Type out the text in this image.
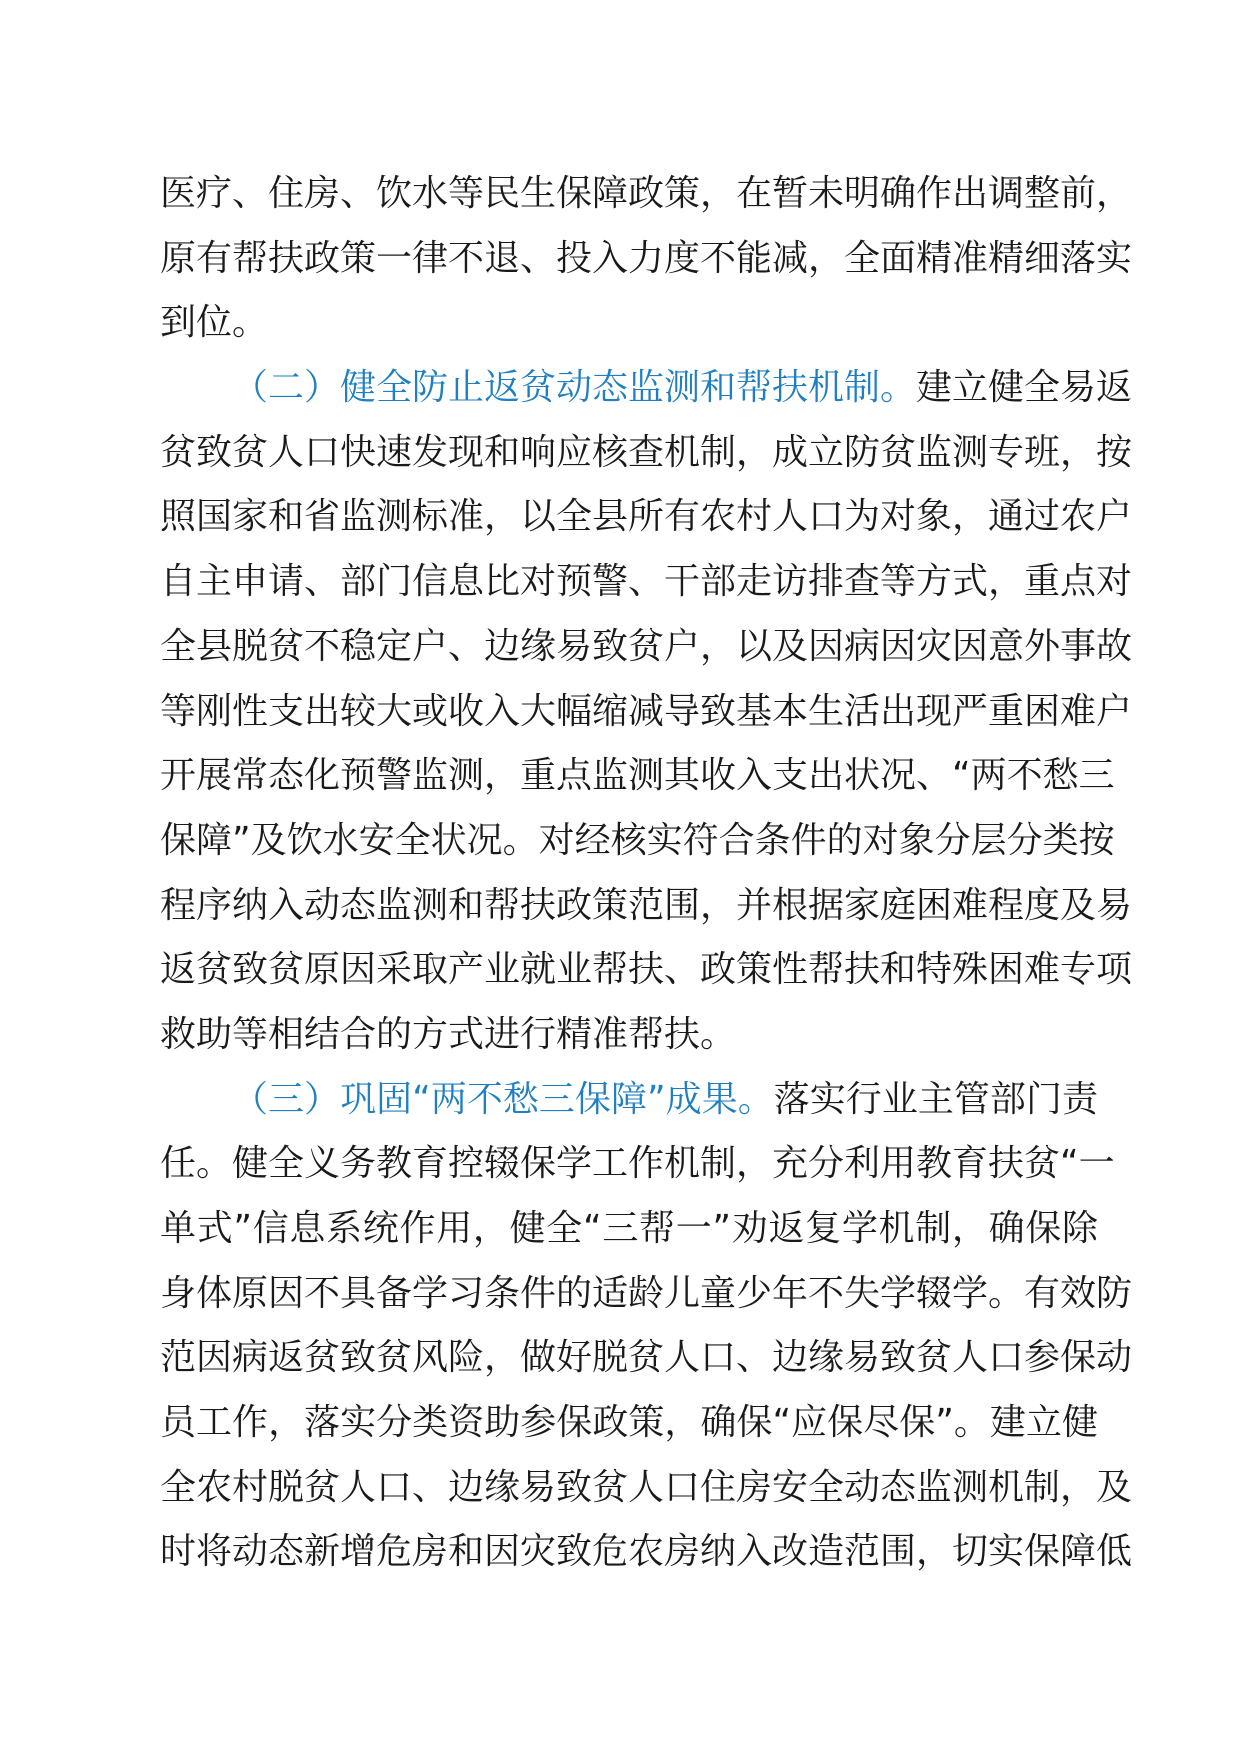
医疗、住房、饮水等民生保障政策，在暂未明确作出调整前，
原有帮扶政策一律不退、投入力度不能减，全面精准精细落实
到位。
（二）健全防止返贫动态监测和帮扶机制。建立健全易返
贫致贫人口快速发现和响应核查机制，成立防贫监测专班，按
照国家和省监测标准，以全县所有农村人口为对象，通过农户
自主申请、部门信息比对预警、干部走访排查等方式，重点对
全县脱贫不稳定户、边缘易致贫户，以及因病因灾因意外事故
等刚性支出较大或收入大幅缩减导致基本生活出现严重困难户
开展常态化预警监测，重点监测其收入支出状况、“两不愁三
保障”及饮水安全状况。对经核实符合条件的对象分层分类按
程序纳入动态监测和帮扶政策范围，并根据家庭困难程度及易
返贫致贫原因采取产业就业帮扶、政策性帮扶和特殊困难专项
救助等相结合的方式进行精准帮扶。
（三）巩固“两不愁三保障”成果。落实行业主管部门责
任。健全义务教育控辍保学工作机制，充分利用教育扶贫“一
单式”信息系统作用，健全“三帮一”劝返复学机制，确保除
身体原因不具备学习条件的适龄儿童少年不失学辍学。有效防
范因病返贫致贫风险，做好脱贫人口、边缘易致贫人口参保动
员工作，落实分类资助参保政策，确保“应保尽保”。建立健
全农村脱贫人口、边缘易致贫人口住房安全动态监测机制，及
时将动态新增危房和因灾致危农房纳入改造范围，切实保障低
